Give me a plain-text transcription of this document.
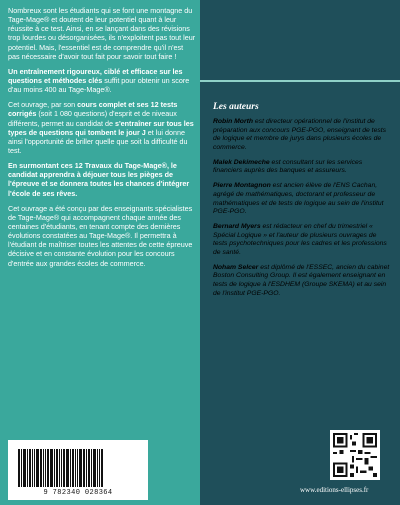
Nombreux sont les étudiants qui se font une montagne du Tage-Mage® et doutent de leur potentiel quant à leur réussite à ce test. Ainsi, en se lançant dans des révisions trop lourdes ou désorganisées, ils n'exploitent pas tout leur potentiel. Mais, l'essentiel est de comprendre qu'il n'est pas nécessaire d'avoir tout fait pour savoir tout faire !

Un entraînement rigoureux, ciblé et efficace sur les questions et méthodes clés suffit pour obtenir un score d'au moins 400 au Tage-Mage®.

Cet ouvrage, par son cours complet et ses 12 tests corrigés (soit 1 080 questions) d'esprit et de niveaux différents, permet au candidat de s'entraîner sur tous les types de questions qui tombent le jour J et lui donne ainsi l'opportunité de briller quelle que soit la difficulté du test.

En surmontant ces 12 Travaux du Tage-Mage®, le candidat apprendra à déjouer tous les pièges de l'épreuve et se donnera toutes les chances d'intégrer l'école de ses rêves.

Cet ouvrage a été conçu par des enseignants spécialistes de Tage-Mage® qui accompagnent chaque année des centaines d'étudiants, en tenant compte des dernières évolutions constatées au Tage-Mage®. Il permettra à l'étudiant de maîtriser toutes les attentes de cette épreuve décisive et en constante évolution pour les concours d'entrée aux grandes écoles de commerce.

9 782340 028364
Les auteurs

Robin Morth est directeur opérationnel de l'institut de préparation aux concours PGE-PGO, enseignant de tests de logique et membre de jurys dans plusieurs écoles de commerce.

Malek Dekimeche est consultant sur les services financiers auprès des banques et assureurs.

Pierre Montagnon est ancien élève de l'ENS Cachan, agrégé de mathématiques, doctorant et professeur de mathématiques et de tests de logique au sein de l'institut PGE-PGO.

Bernard Myers est rédacteur en chef du trimestriel « Spécial Logique » et l'auteur de plusieurs ouvrages de tests psychotechniques pour les cadres et les professions de santé.

Noham Selcer est diplômé de l'ESSEC, ancien du cabinet Boston Consulting Group. Il est également enseignant en tests de logique à l'ESDHEM (Groupe SKEMA) et au sein de l'institut PGE-PGO.

www.editions-ellipses.fr
